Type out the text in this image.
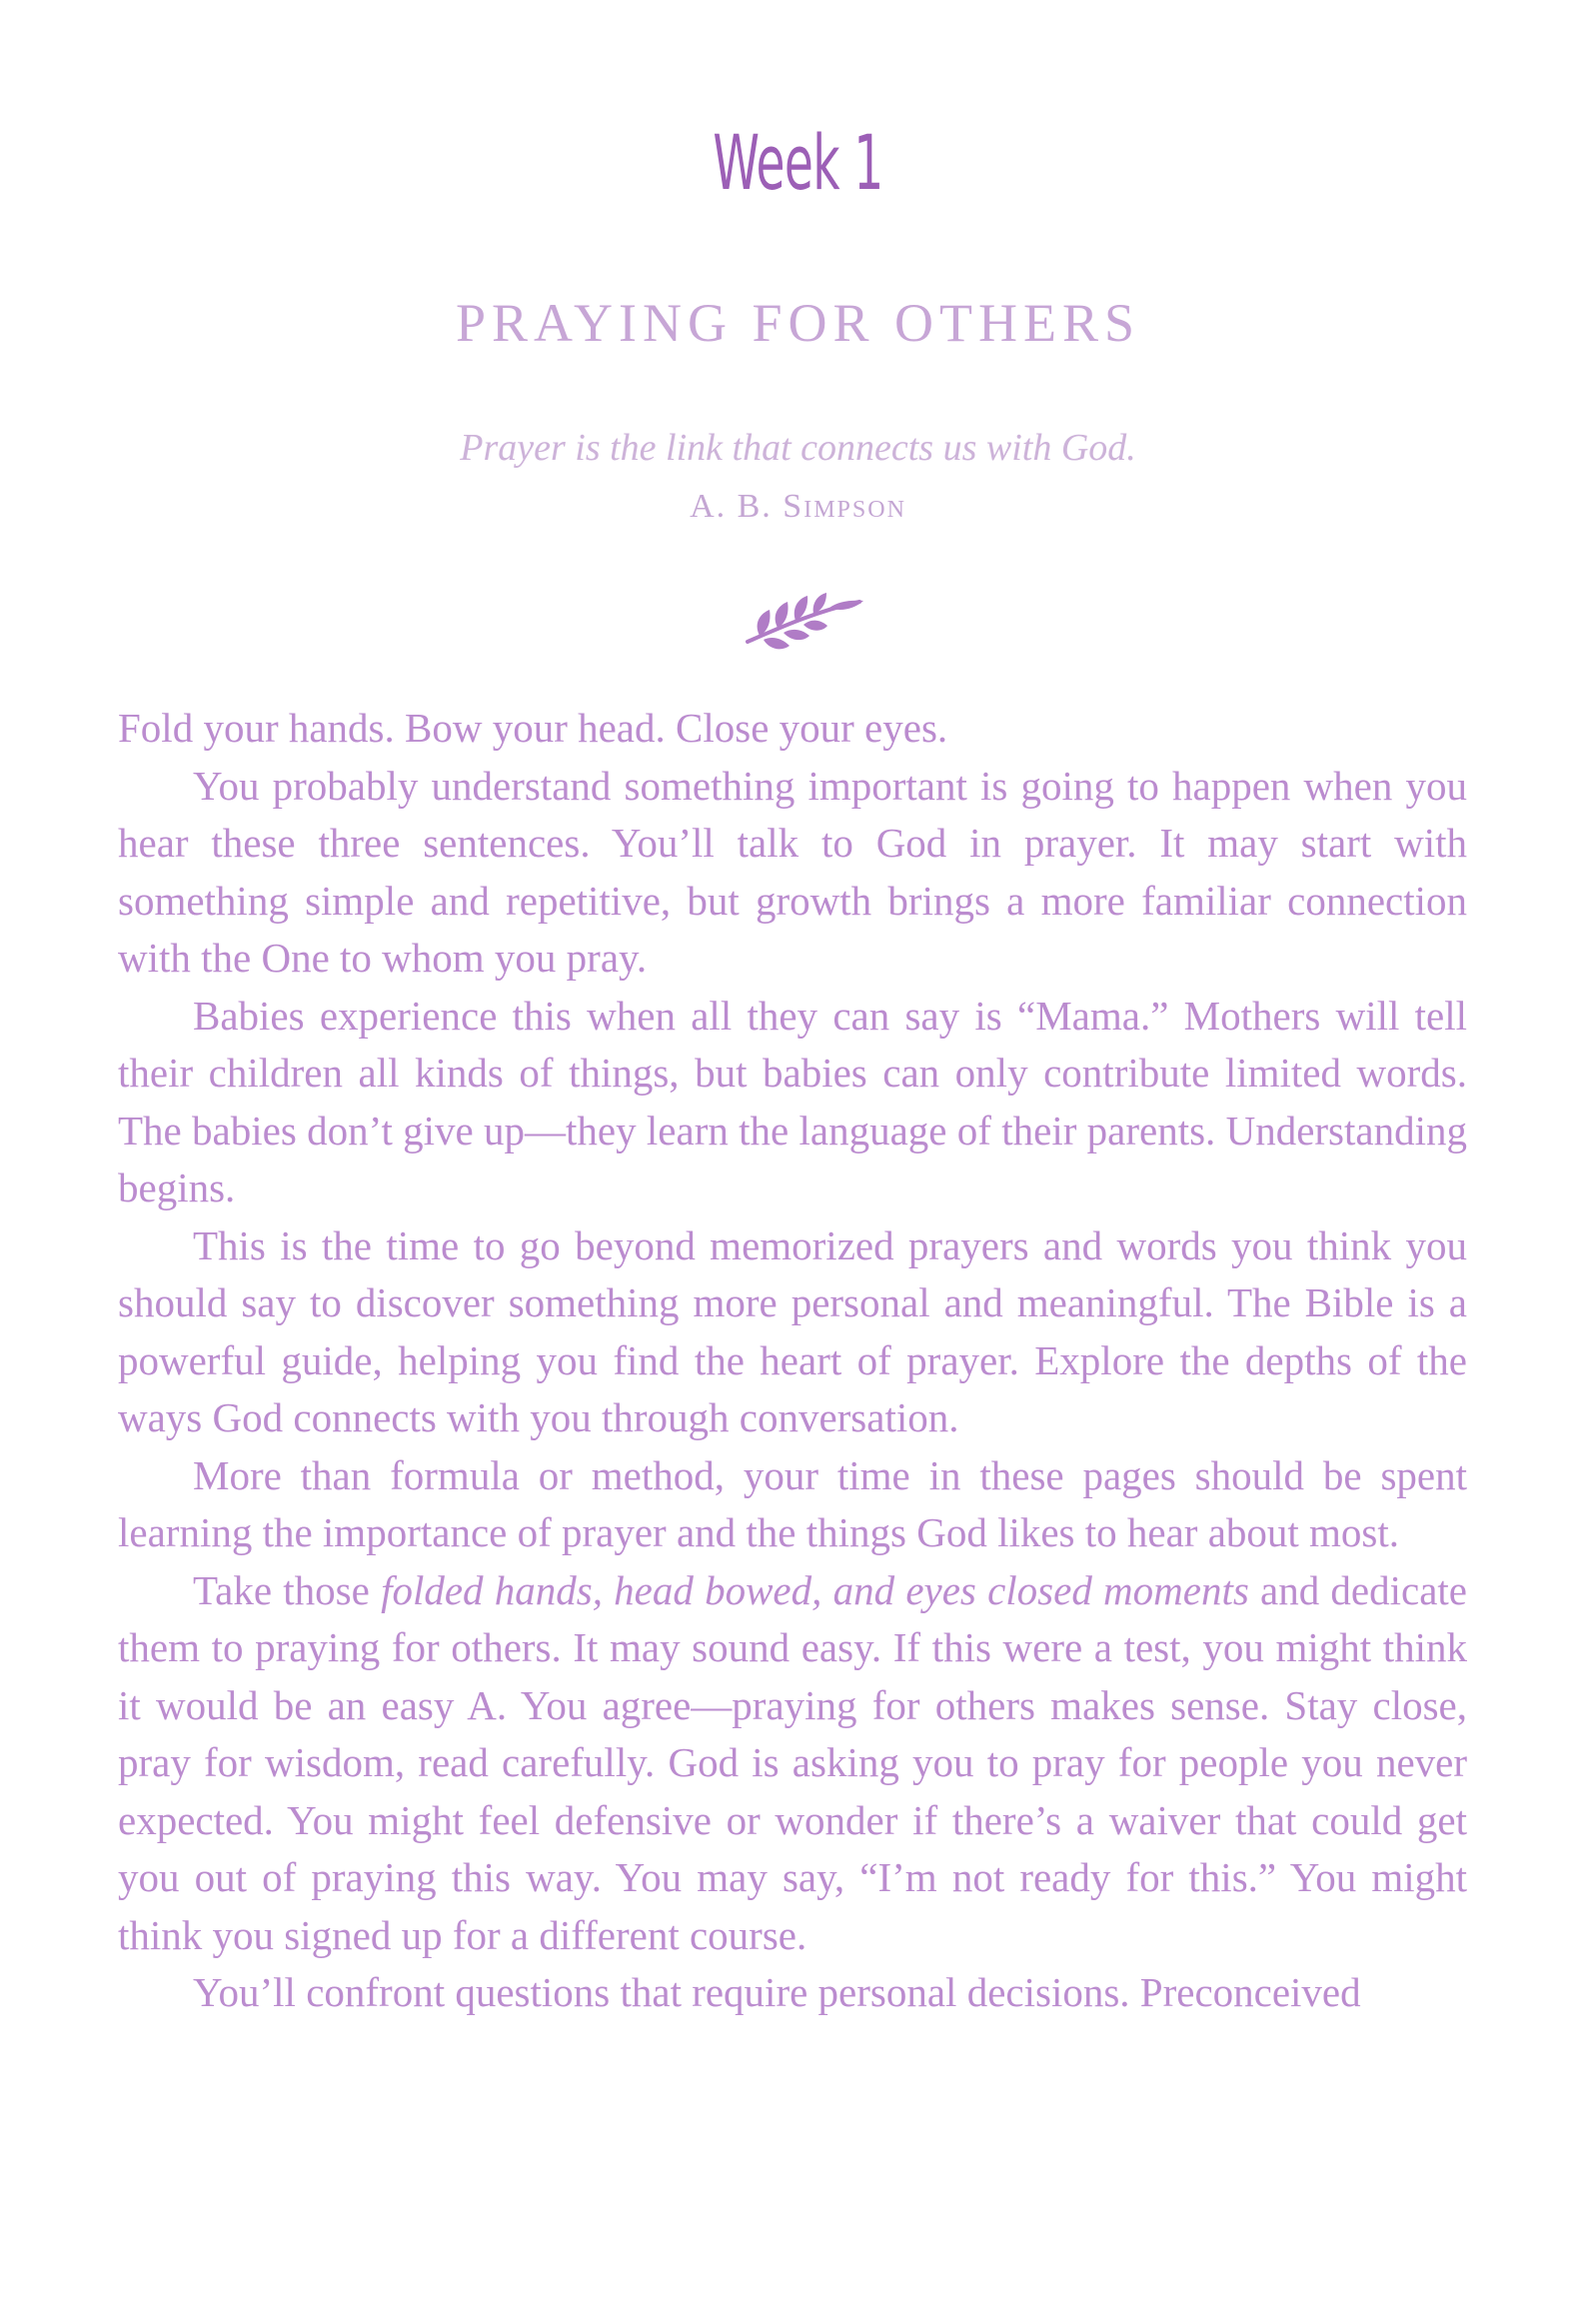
Week 1
PRAYING FOR OTHERS
Prayer is the link that connects us with God.
A. B. Simpson

Fold your hands. Bow your head. Close your eyes.

You probably understand something important is going to happen when you hear these three sentences. You’ll talk to God in prayer. It may start with something simple and repetitive, but growth brings a more familiar connection with the One to whom you pray.

Babies experience this when all they can say is “Mama.” Mothers will tell their children all kinds of things, but babies can only contribute limited words. The babies don’t give up—they learn the language of their parents. Understanding begins.

This is the time to go beyond memorized prayers and words you think you should say to discover something more personal and meaningful. The Bible is a powerful guide, helping you find the heart of prayer. Explore the depths of the ways God connects with you through conversation.

More than formula or method, your time in these pages should be spent learning the importance of prayer and the things God likes to hear about most.

Take those folded hands, head bowed, and eyes closed moments and dedicate them to praying for others. It may sound easy. If this were a test, you might think it would be an easy A. You agree—praying for others makes sense. Stay close, pray for wisdom, read carefully. God is asking you to pray for people you never expected. You might feel defensive or wonder if there’s a waiver that could get you out of praying this way. You may say, “I’m not ready for this.” You might think you signed up for a different course.

You’ll confront questions that require personal decisions. Preconceived
